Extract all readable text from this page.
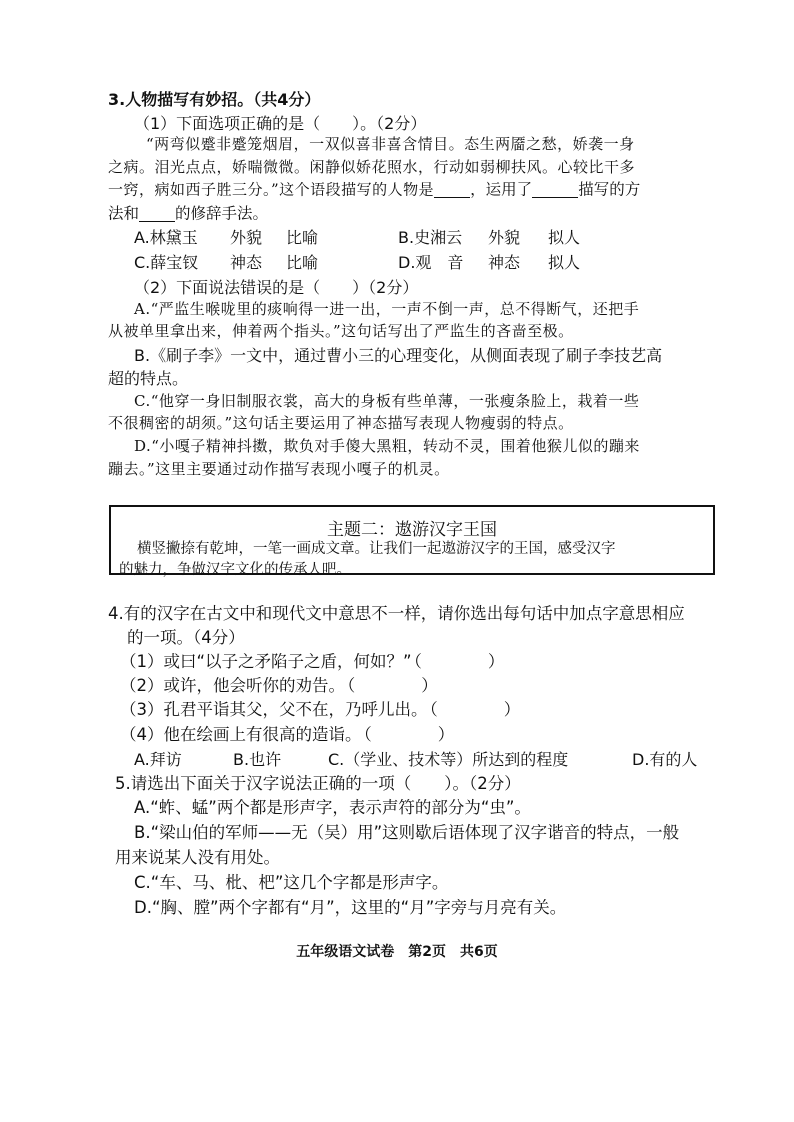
3.人物描写有妙招。（共4分）
（1）下面选项正确的是（　　）。（2分）
“两弯似蹙非蹙笼烟眉，一双似喜非喜含情目。态生两靥之愁，娇袭一身
之病。泪光点点，娇喘微微。闲静似娇花照水，行动如弱柳扶风。心较比干多
一窍，病如西子胜三分。”这个语段描写的人物是 ，运用了	描写的方
法和 的修辞手法。
A.林黛玉 外貌 比喻	B.史湘云 外貌 拟人
C.薛宝钗 神态 比喻	D.观　音 神态 拟人
（2）下面说法错误的是（　　）（2分）
A.“严监生喉咙里的痰响得一进一出，一声不倒一声，总不得断气，还把手
从被单里拿出来，伸着两个指头。”这句话写出了严监生的吝啬至极。
B.《刷子李》一文中，通过曹小三的心理变化，从侧面表现了刷子李技艺高
超的特点。
C.“他穿一身旧制服衣裳，高大的身板有些单薄，一张瘦条脸上，栽着一些
不很稠密的胡须。”这句话主要运用了神态描写表现人物瘦弱的特点。
D.“小嘎子精神抖擞，欺负对手傻大黑粗，转动不灵，围着他猴儿似的蹦来
蹦去。”这里主要通过动作描写表现小嘎子的机灵。
主题二：遨游汉字王国
横竖撇捺有乾坤，一笔一画成文章。让我们一起遨游汉字的王国，感受汉字
的魅力，争做汉字文化的传承人吧。
4.有的汉字在古文中和现代文中意思不一样，请你选出每句话中加点字意思相应
的一项。（4分）
（1）或曰“以子之矛陷子之盾，何如？” （　　　　）
（2）或许，他会听你的劝告。 （　　　　）
（3）孔君平诣其父，父不在，乃呼儿出。 （　　　　）
（4）他在绘画上有很高的造诣。 （　　　　）
A.拜访	B.也许	C.（学业、技术等）所达到的程度	D.有的人
5.请选出下面关于汉字说法正确的一项（　　）。（2分）
A.“蚱、蜢”两个都是形声字，表示声符的部分为“虫”。
B.“梁山伯的军师——无（吴）用”这则歇后语体现了汉字谐音的特点，一般
用来说某人没有用处。
C.“车、马、枇、杷”这几个字都是形声字。
D.“胸、膛”两个字都有“月”，这里的“月”字旁与月亮有关。
五年级语文试卷　第2页　共6页
